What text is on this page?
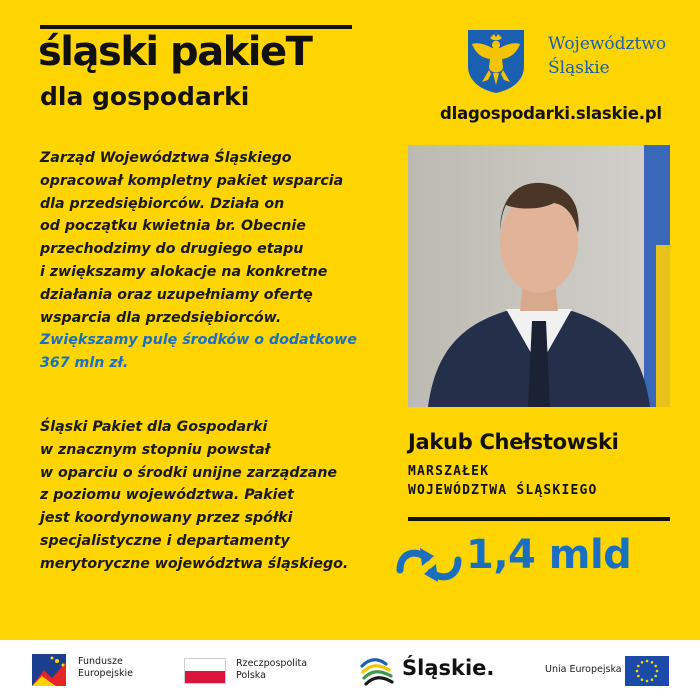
śląski pakieT
dla gospodarki
Województwo
Śląskie
dlagospodarki.slaskie.pl
Zarząd Województwa Śląskiego
opracował kompletny pakiet wsparcia
dla przedsiębiorców. Działa on
od początku kwietnia br. Obecnie
przechodzimy do drugiego etapu
i zwiększamy alokacje na konkretne
działania oraz uzupełniamy ofertę
wsparcia dla przedsiębiorców.
Zwiększamy pulę środków o dodatkowe
367 mln zł.
Śląski Pakiet dla Gospodarki
w znacznym stopniu powstał
w oparciu o środki unijne zarządzane
z poziomu województwa. Pakiet
jest koordynowany przez spółki
specjalistyczne i departamenty
merytoryczne województwa śląskiego.
Jakub Chełstowski
MARSZAŁEK
WOJEWÓDZTWA ŚLĄSKIEGO
1,4 mld
Fundusze
Europejskie
Rzeczpospolita
Polska	Śląskie.	Unia Europejska
